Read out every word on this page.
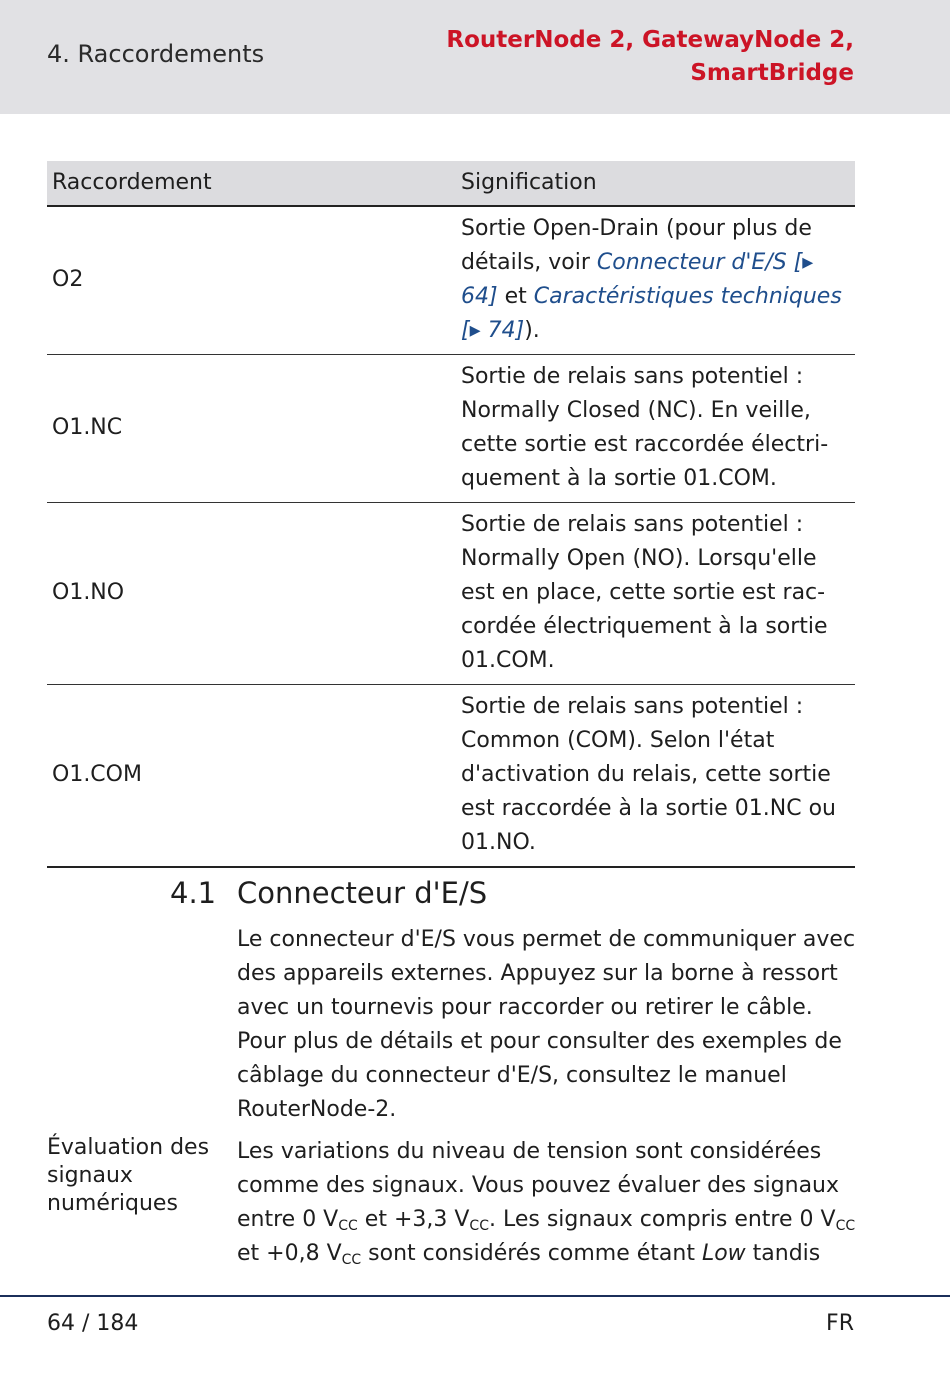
4. Raccordements	RouterNode 2, GatewayNode 2,
SmartBridge
Raccordement	Signification
O2	Sortie Open-Drain (pour plus de détails, voir Connecteur d'E/S [▸ 64] et Caractéristiques techniques [▸ 74]).
O1.NC	Sortie de relais sans potentiel : Normally Closed (NC). En veille, cette sortie est raccordée électriquement à la sortie 01.COM.
O1.NO	Sortie de relais sans potentiel : Normally Open (NO). Lorsqu'elle est en place, cette sortie est raccordée électriquement à la sortie 01.COM.
O1.COM	Sortie de relais sans potentiel : Common (COM). Selon l'état d'activation du relais, cette sortie est raccordée à la sortie 01.NC ou 01.NO.
4.1 Connecteur d'E/S
Le connecteur d'E/S vous permet de communiquer avec des appareils externes. Appuyez sur la borne à ressort avec un tournevis pour raccorder ou retirer le câble. Pour plus de détails et pour consulter des exemples de câblage du connecteur d'E/S, consultez le manuel RouterNode-2.
Évaluation des signaux numériques
Les variations du niveau de tension sont considérées comme des signaux. Vous pouvez évaluer des signaux entre 0 $V_{CC}$ et +3,3 $V_{CC}$. Les signaux compris entre 0 $V_{CC}$ et +0,8 $V_{CC}$ sont considérés comme étant Low tandis
64 / 184	FR
